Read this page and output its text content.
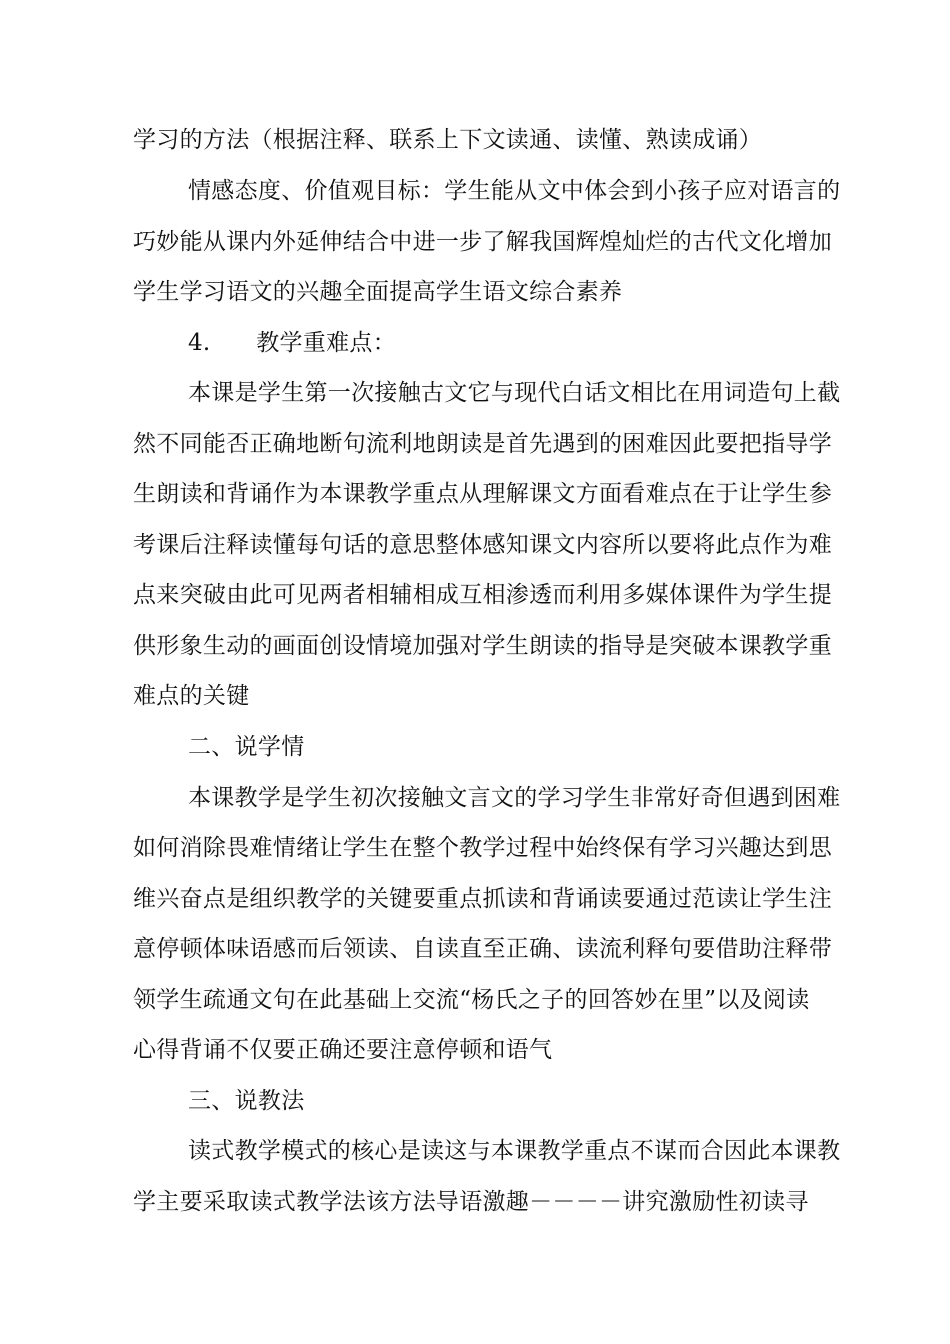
学习的方法（根据注释、联系上下文读通、读懂、熟读成诵）
情感态度、价值观目标：学生能从文中体会到小孩子应对语言的
巧妙能从课内外延伸结合中进一步了解我国辉煌灿烂的古代文化增加
学生学习语文的兴趣全面提高学生语文综合素养
4.      教学重难点：
本课是学生第一次接触古文它与现代白话文相比在用词造句上截
然不同能否正确地断句流利地朗读是首先遇到的困难因此要把指导学
生朗读和背诵作为本课教学重点从理解课文方面看难点在于让学生参
考课后注释读懂每句话的意思整体感知课文内容所以要将此点作为难
点来突破由此可见两者相辅相成互相渗透而利用多媒体课件为学生提
供形象生动的画面创设情境加强对学生朗读的指导是突破本课教学重
难点的关键
二、说学情
本课教学是学生初次接触文言文的学习学生非常好奇但遇到困难
如何消除畏难情绪让学生在整个教学过程中始终保有学习兴趣达到思
维兴奋点是组织教学的关键要重点抓读和背诵读要通过范读让学生注
意停顿体味语感而后领读、自读直至正确、读流利释句要借助注释带
领学生疏通文句在此基础上交流“杨氏之子的回答妙在里”以及阅读
心得背诵不仅要正确还要注意停顿和语气
三、说教法
读式教学模式的核心是读这与本课教学重点不谋而合因此本课教
学主要采取读式教学法该方法导语激趣－－－－讲究激励性初读寻
